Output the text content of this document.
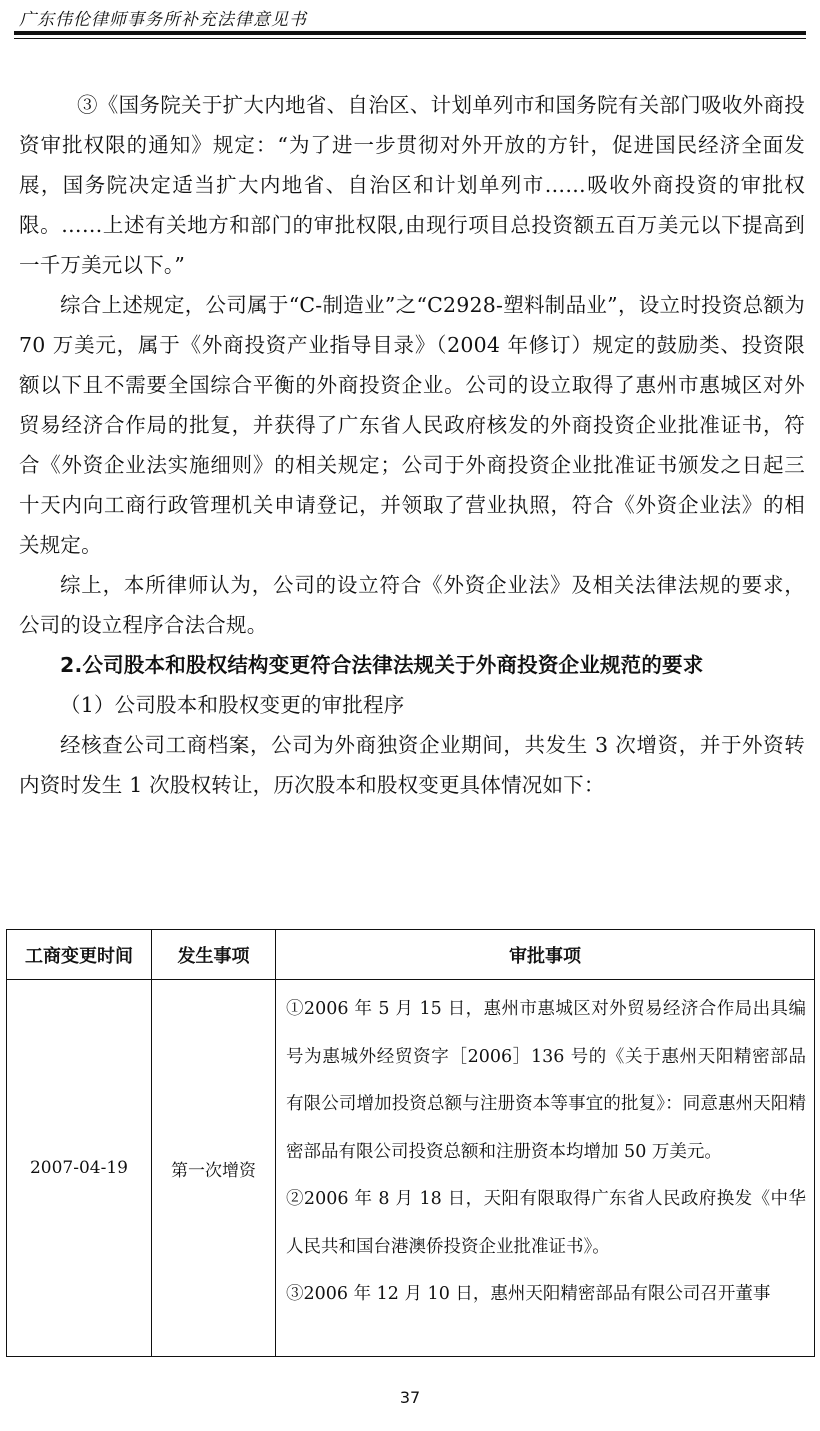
广东伟伦律师事务所补充法律意见书

③《国务院关于扩大内地省、自治区、计划单列市和国务院有关部门吸收外商投资审批权限的通知》规定：“为了进一步贯彻对外开放的方针，促进国民经济全面发展，国务院决定适当扩大内地省、自治区和计划单列市……吸收外商投资的审批权限。……上述有关地方和部门的审批权限,由现行项目总投资额五百万美元以下提高到一千万美元以下。”

综合上述规定，公司属于“C-制造业”之“C2928-塑料制品业”，设立时投资总额为 70 万美元，属于《外商投资产业指导目录》（2004 年修订）规定的鼓励类、投资限额以下且不需要全国综合平衡的外商投资企业。公司的设立取得了惠州市惠城区对外贸易经济合作局的批复，并获得了广东省人民政府核发的外商投资企业批准证书，符合《外资企业法实施细则》的相关规定；公司于外商投资企业批准证书颁发之日起三十天内向工商行政管理机关申请登记，并领取了营业执照，符合《外资企业法》的相关规定。

综上，本所律师认为，公司的设立符合《外资企业法》及相关法律法规的要求，公司的设立程序合法合规。

2.公司股本和股权结构变更符合法律法规关于外商投资企业规范的要求

（1）公司股本和股权变更的审批程序

经核查公司工商档案，公司为外商独资企业期间，共发生 3 次增资，并于外资转内资时发生 1 次股权转让，历次股本和股权变更具体情况如下：

工商变更时间	发生事项	审批事项
2007-04-19	第一次增资	①2006 年 5 月 15 日，惠州市惠城区对外贸易经济合作局出具编号为惠城外经贸资字［2006］136 号的《关于惠州天阳精密部品有限公司增加投资总额与注册资本等事宜的批复》：同意惠州天阳精密部品有限公司投资总额和注册资本均增加 50 万美元。

②2006 年 8 月 18 日，天阳有限取得广东省人民政府换发《中华人民共和国台港澳侨投资企业批准证书》。

③2006 年 12 月 10 日，惠州天阳精密部品有限公司召开董事

37
